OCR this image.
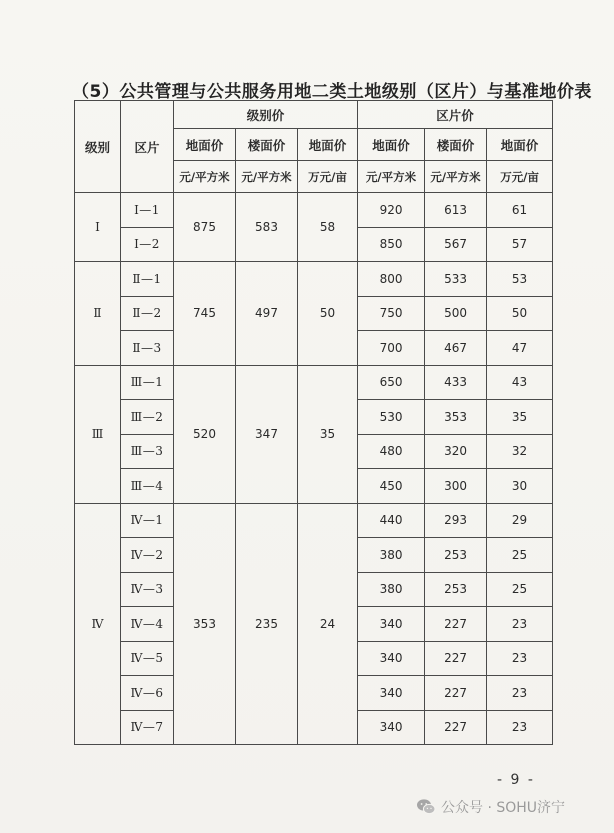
（5）公共管理与公共服务用地二类土地级别（区片）与基准地价表
级别	区片	级别价			区片价		
		地面价	楼面价	地面价	地面价	楼面价	地面价
		元/平方米	元/平方米	万元/亩	元/平方米	元/平方米	万元/亩
Ⅰ	Ⅰ—1	875	583	58	920	613	61
	Ⅰ—2				850	567	57
Ⅱ	Ⅱ—1	745	497	50	800	533	53
	Ⅱ—2				750	500	50
	Ⅱ—3				700	467	47
Ⅲ	Ⅲ—1	520	347	35	650	433	43
	Ⅲ—2				530	353	35
	Ⅲ—3				480	320	32
	Ⅲ—4				450	300	30
Ⅳ	Ⅳ—1	353	235	24	440	293	29
	Ⅳ—2				380	253	25
	Ⅳ—3				380	253	25
	Ⅳ—4				340	227	23
	Ⅳ—5				340	227	23
	Ⅳ—6				340	227	23
	Ⅳ—7				340	227	23
- 9 -
公众号 · SOHU济宁
